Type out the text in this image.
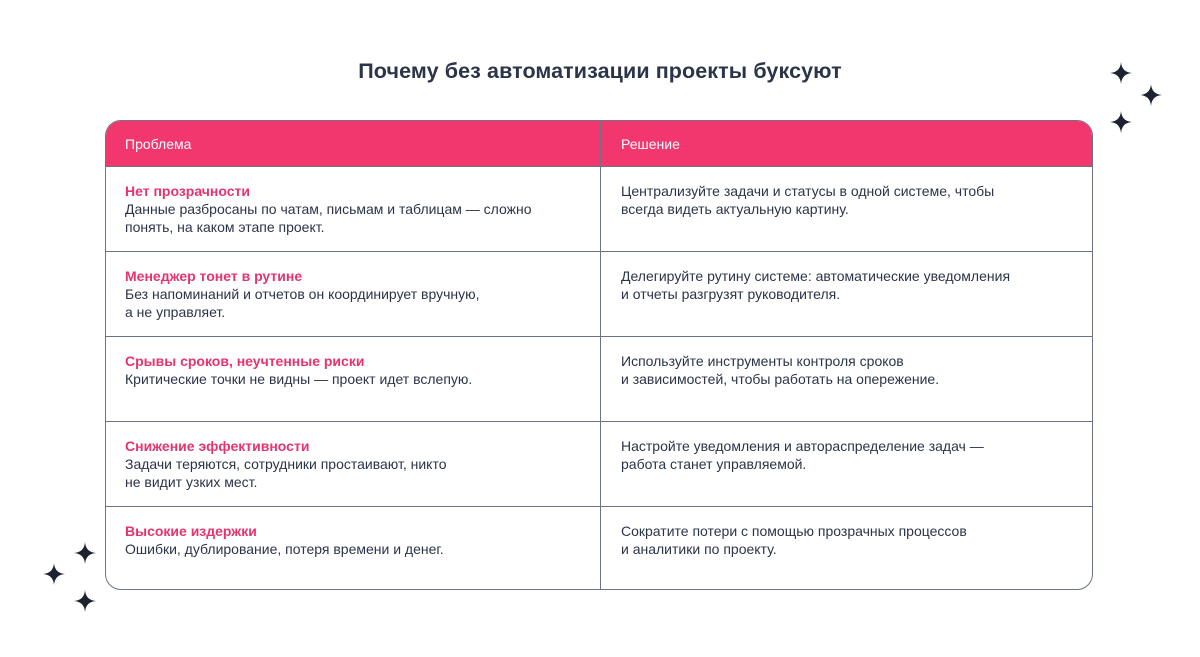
Почему без автоматизации проекты буксуют
Проблема	Решение
Нет прозрачности
Данные разбросаны по чатам, письмам и таблицам — сложно
понять, на каком этапе проект.
Централизуйте задачи и статусы в одной системе, чтобы
всегда видеть актуальную картину.
Менеджер тонет в рутине
Без напоминаний и отчетов он координирует вручную,
а не управляет.
Делегируйте рутину системе: автоматические уведомления
и отчеты разгрузят руководителя.
Срывы сроков, неучтенные риски
Критические точки не видны — проект идет вслепую.
Используйте инструменты контроля сроков
и зависимостей, чтобы работать на опережение.
Снижение эффективности
Задачи теряются, сотрудники простаивают, никто
не видит узких мест.
Настройте уведомления и автораспределение задач —
работа станет управляемой.
Высокие издержки
Ошибки, дублирование, потеря времени и денег.
Сократите потери с помощью прозрачных процессов
и аналитики по проекту.
